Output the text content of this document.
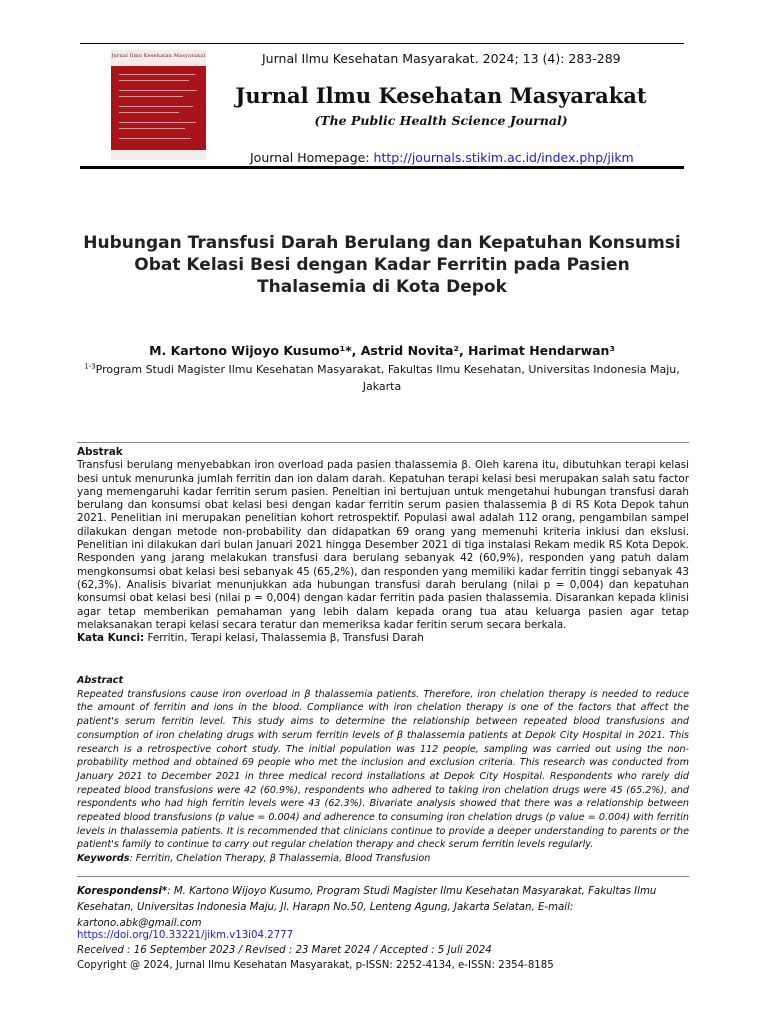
Jurnal Ilmu Kesehatan Masyarakat	Jurnal Ilmu Kesehatan Masyarakat. 2024; 13 (4): 283-289
Jurnal Ilmu Kesehatan Masyarakat
(The Public Health Science Journal)
Journal Homepage: http://journals.stikim.ac.id/index.php/jikm
Hubungan Transfusi Darah Berulang dan Kepatuhan Konsumsi Obat Kelasi Besi dengan Kadar Ferritin pada Pasien Thalasemia di Kota Depok
M. Kartono Wijoyo Kusumo¹*, Astrid Novita², Harimat Hendarwan³
$^{1-3}$Program Studi Magister Ilmu Kesehatan Masyarakat, Fakultas Ilmu Kesehatan, Universitas Indonesia Maju, Jakarta
Abstrak
Transfusi berulang menyebabkan iron overload pada pasien thalassemia β. Oleh karena itu, dibutuhkan terapi kelasi besi untuk menurunka jumlah ferritin dan ion dalam darah. Kepatuhan terapi kelasi besi merupakan salah satu factor yang memengaruhi kadar ferritin serum pasien. Peneltian ini bertujuan untuk mengetahui hubungan transfusi darah berulang dan konsumsi obat kelasi besi dengan kadar ferritin serum pasien thalassemia β di RS Kota Depok tahun 2021. Penelitian ini merupakan penelitian kohort retrospektif. Populasi awal adalah 112 orang, pengambilan sampel dilakukan dengan metode non-probability dan didapatkan 69 orang yang memenuhi kriteria inklusi dan ekslusi. Penelitian ini dilakukan dari bulan Januari 2021 hingga Desember 2021 di tiga instalasi Rekam medik RS Kota Depok. Responden yang jarang melakukan transfusi dara berulang sebanyak 42 (60,9%), responden yang patuh dalam mengkonsumsi obat kelasi besi sebanyak 45 (65,2%), dan responden yang memiliki kadar ferritin tinggi sebanyak 43 (62,3%). Analisis bivariat menunjukkan ada hubungan transfusi darah berulang (nilai p = 0,004) dan kepatuhan konsumsi obat kelasi besi (nilai p = 0,004) dengan kadar ferritin pada pasien thalassemia. Disarankan kepada klinisi agar tetap memberikan pemahaman yang lebih dalam kepada orang tua atau keluarga pasien agar tetap melaksanakan terapi kelasi secara teratur dan memeriksa kadar feritin serum secara berkala.
Kata Kunci: Ferritin, Terapi kelasi, Thalassemia β, Transfusi Darah
Abstract
Repeated transfusions cause iron overload in β thalassemia patients. Therefore, iron chelation therapy is needed to reduce the amount of ferritin and ions in the blood. Compliance with iron chelation therapy is one of the factors that affect the patient's serum ferritin level. This study aims to determine the relationship between repeated blood transfusions and consumption of iron chelating drugs with serum ferritin levels of β thalassemia patients at Depok City Hospital in 2021. This research is a retrospective cohort study. The initial population was 112 people, sampling was carried out using the non-probability method and obtained 69 people who met the inclusion and exclusion criteria. This research was conducted from January 2021 to December 2021 in three medical record installations at Depok City Hospital. Respondents who rarely did repeated blood transfusions were 42 (60.9%), respondents who adhered to taking iron chelation drugs were 45 (65.2%), and respondents who had high ferritin levels were 43 (62.3%). Bivariate analysis showed that there was a relationship between repeated blood transfusions (p value = 0.004) and adherence to consuming iron chelation drugs (p value = 0.004) with ferritin levels in thalassemia patients. It is recommended that clinicians continue to provide a deeper understanding to parents or the patient's family to continue to carry out regular chelation therapy and check serum ferritin levels regularly.
Keywords: Ferritin, Chelation Therapy, β Thalassemia, Blood Transfusion
Korespondensi*: M. Kartono Wijoyo Kusumo, Program Studi Magister Ilmu Kesehatan Masyarakat, Fakultas Ilmu Kesehatan, Universitas Indonesia Maju, Jl. Harapn No.50, Lenteng Agung, Jakarta Selatan, E-mail: kartono.abk@gmail.com
https://doi.org/10.33221/jikm.v13i04.2777
Received : 16 September 2023 / Revised : 23 Maret 2024 / Accepted : 5 Juli 2024
Copyright @ 2024, Jurnal Ilmu Kesehatan Masyarakat, p-ISSN: 2252-4134, e-ISSN: 2354-8185
